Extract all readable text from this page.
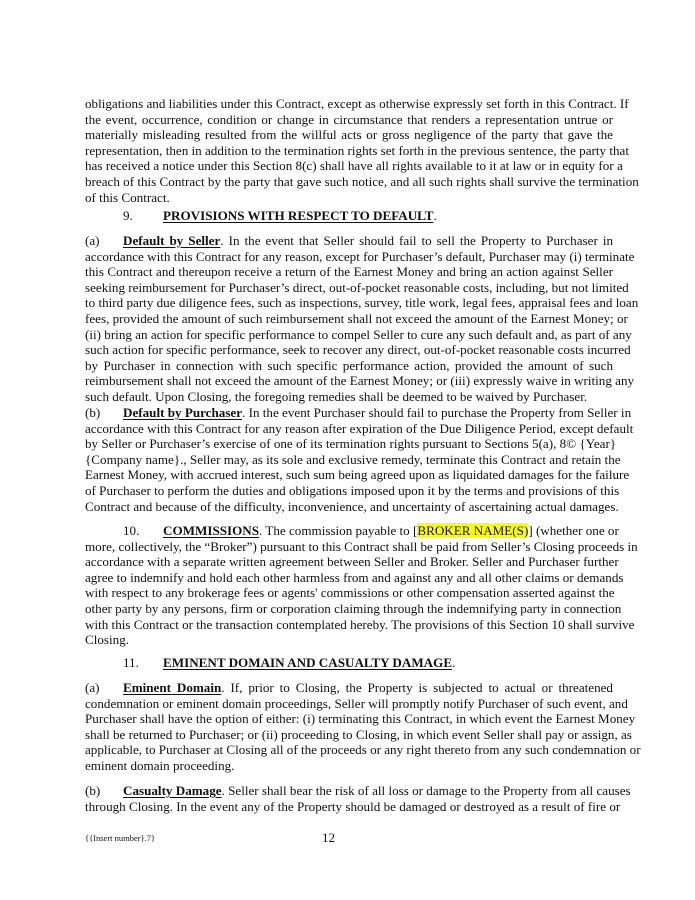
obligations and liabilities under this Contract, except as otherwise expressly set forth in this Contract. If
the event, occurrence, condition or change in circumstance that renders a representation untrue or
materially misleading resulted from the willful acts or gross negligence of the party that gave the
representation, then in addition to the termination rights set forth in the previous sentence, the party that
has received a notice under this Section 8(c) shall have all rights available to it at law or in equity for a
breach of this Contract by the party that gave such notice, and all such rights shall survive the termination
of this Contract.
9. PROVISIONS WITH RESPECT TO DEFAULT.
(a) Default by Seller. In the event that Seller should fail to sell the Property to Purchaser in
accordance with this Contract for any reason, except for Purchaser’s default, Purchaser may (i) terminate
this Contract and thereupon receive a return of the Earnest Money and bring an action against Seller
seeking reimbursement for Purchaser’s direct, out-of-pocket reasonable costs, including, but not limited
to third party due diligence fees, such as inspections, survey, title work, legal fees, appraisal fees and loan
fees, provided the amount of such reimbursement shall not exceed the amount of the Earnest Money; or
(ii) bring an action for specific performance to compel Seller to cure any such default and, as part of any
such action for specific performance, seek to recover any direct, out-of-pocket reasonable costs incurred
by Purchaser in connection with such specific performance action, provided the amount of such
reimbursement shall not exceed the amount of the Earnest Money; or (iii) expressly waive in writing any
such default. Upon Closing, the foregoing remedies shall be deemed to be waived by Purchaser.
(b) Default by Purchaser. In the event Purchaser should fail to purchase the Property from Seller in
accordance with this Contract for any reason after expiration of the Due Diligence Period, except default
by Seller or Purchaser’s exercise of one of its termination rights pursuant to Sections 5(a), 8© {Year}
{Company name}., Seller may, as its sole and exclusive remedy, terminate this Contract and retain the
Earnest Money, with accrued interest, such sum being agreed upon as liquidated damages for the failure
of Purchaser to perform the duties and obligations imposed upon it by the terms and provisions of this
Contract and because of the difficulty, inconvenience, and uncertainty of ascertaining actual damages.
10. COMMISSIONS. The commission payable to [BROKER NAME(S)] (whether one or
more, collectively, the “Broker”) pursuant to this Contract shall be paid from Seller’s Closing proceeds in
accordance with a separate written agreement between Seller and Broker. Seller and Purchaser further
agree to indemnify and hold each other harmless from and against any and all other claims or demands
with respect to any brokerage fees or agents' commissions or other compensation asserted against the
other party by any persons, firm or corporation claiming through the indemnifying party in connection
with this Contract or the transaction contemplated hereby. The provisions of this Section 10 shall survive
Closing.
11. EMINENT DOMAIN AND CASUALTY DAMAGE.
(a) Eminent Domain. If, prior to Closing, the Property is subjected to actual or threatened
condemnation or eminent domain proceedings, Seller will promptly notify Purchaser of such event, and
Purchaser shall have the option of either: (i) terminating this Contract, in which event the Earnest Money
shall be returned to Purchaser; or (ii) proceeding to Closing, in which event Seller shall pay or assign, as
applicable, to Purchaser at Closing all of the proceeds or any right thereto from any such condemnation or
eminent domain proceeding.
(b) Casualty Damage. Seller shall bear the risk of all loss or damage to the Property from all causes
through Closing. In the event any of the Property should be damaged or destroyed as a result of fire or
{{Insert number}.7}	12
